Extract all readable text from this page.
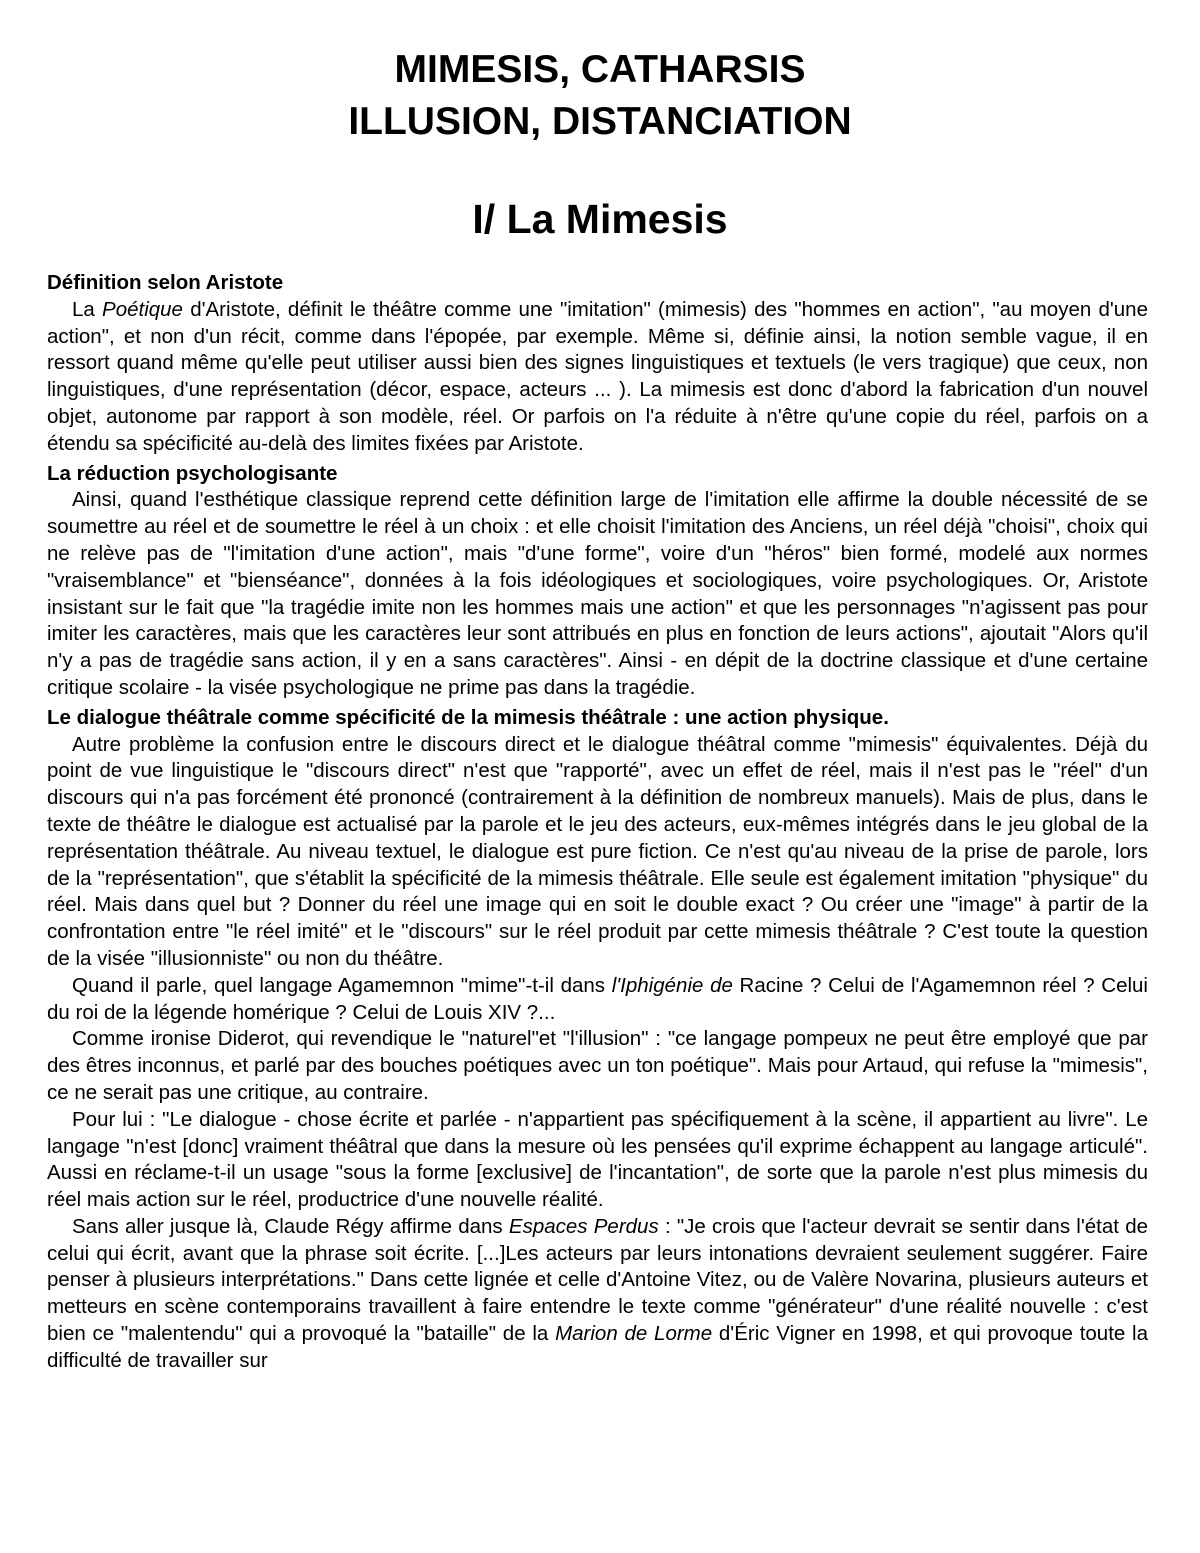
MIMESIS, CATHARSIS
ILLUSION, DISTANCIATION
I/ La Mimesis
Définition selon Aristote
La Poétique d'Aristote, définit le théâtre comme une "imitation" (mimesis) des "hommes en action", "au moyen d'une action", et non d'un récit, comme dans l'épopée, par exemple. Même si, définie ainsi, la notion semble vague, il en ressort quand même qu'elle peut utiliser aussi bien des signes linguistiques et textuels (le vers tragique) que ceux, non linguistiques, d'une représentation (décor, espace, acteurs ... ). La mimesis est donc d'abord la fabrication d'un nouvel objet, autonome par rapport à son modèle, réel. Or parfois on l'a réduite à n'être qu'une copie du réel, parfois on a étendu sa spécificité au-delà des limites fixées par Aristote.
La réduction psychologisante
Ainsi, quand l'esthétique classique reprend cette définition large de l'imitation elle affirme la double nécessité de se soumettre au réel et de soumettre le réel à un choix : et elle choisit l'imitation des Anciens, un réel déjà "choisi", choix qui ne relève pas de "l'imitation d'une action", mais "d'une forme", voire d'un "héros" bien formé, modelé aux normes "vraisemblance" et "bienséance", données à la fois idéologiques et sociologiques, voire psychologiques. Or, Aristote insistant sur le fait que "la tragédie imite non les hommes mais une action" et que les personnages "n'agissent pas pour imiter les caractères, mais que les caractères leur sont attribués en plus en fonction de leurs actions", ajoutait "Alors qu'il n'y a pas de tragédie sans action, il y en a sans caractères". Ainsi - en dépit de la doctrine classique et d'une certaine critique scolaire - la visée psychologique ne prime pas dans la tragédie.
Le dialogue théâtrale comme spécificité de la mimesis théâtrale : une action physique.
Autre problème la confusion entre le discours direct et le dialogue théâtral comme "mimesis" équivalentes. Déjà du point de vue linguistique le "discours direct" n'est que "rapporté", avec un effet de réel, mais il n'est pas le "réel" d'un discours qui n'a pas forcément été prononcé (contrairement à la définition de nombreux manuels). Mais de plus, dans le texte de théâtre le dialogue est actualisé par la parole et le jeu des acteurs, eux-mêmes intégrés dans le jeu global de la représentation théâtrale. Au niveau textuel, le dialogue est pure fiction. Ce n'est qu'au niveau de la prise de parole, lors de la "représentation", que s'établit la spécificité de la mimesis théâtrale. Elle seule est également imitation "physique" du réel. Mais dans quel but ? Donner du réel une image qui en soit le double exact ? Ou créer une "image" à partir de la confrontation entre "le réel imité" et le "discours" sur le réel produit par cette mimesis théâtrale ? C'est toute la question de la visée "illusionniste" ou non du théâtre.
Quand il parle, quel langage Agamemnon "mime"-t-il dans l'Iphigénie de Racine ? Celui de l'Agamemnon réel ? Celui du roi de la légende homérique ? Celui de Louis XIV ?...
Comme ironise Diderot, qui revendique le "naturel"et "l'illusion" : "ce langage pompeux ne peut être employé que par des êtres inconnus, et parlé par des bouches poétiques avec un ton poétique". Mais pour Artaud, qui refuse la "mimesis", ce ne serait pas une critique, au contraire.
Pour lui : "Le dialogue - chose écrite et parlée - n'appartient pas spécifiquement à la scène, il appartient au livre". Le langage "n'est [donc] vraiment théâtral que dans la mesure où les pensées qu'il exprime échappent au langage articulé". Aussi en réclame-t-il un usage "sous la forme [exclusive] de l'incantation", de sorte que la parole n'est plus mimesis du réel mais action sur le réel, productrice d'une nouvelle réalité.
Sans aller jusque là, Claude Régy affirme dans Espaces Perdus : "Je crois que l'acteur devrait se sentir dans l'état de celui qui écrit, avant que la phrase soit écrite. [...]Les acteurs par leurs intonations devraient seulement suggérer. Faire penser à plusieurs interprétations." Dans cette lignée et celle d'Antoine Vitez, ou de Valère Novarina, plusieurs auteurs et metteurs en scène contemporains travaillent à faire entendre le texte comme "générateur" d'une réalité nouvelle : c'est bien ce "malentendu" qui a provoqué la "bataille" de la Marion de Lorme d'Éric Vigner en 1998, et qui provoque toute la difficulté de travailler sur
